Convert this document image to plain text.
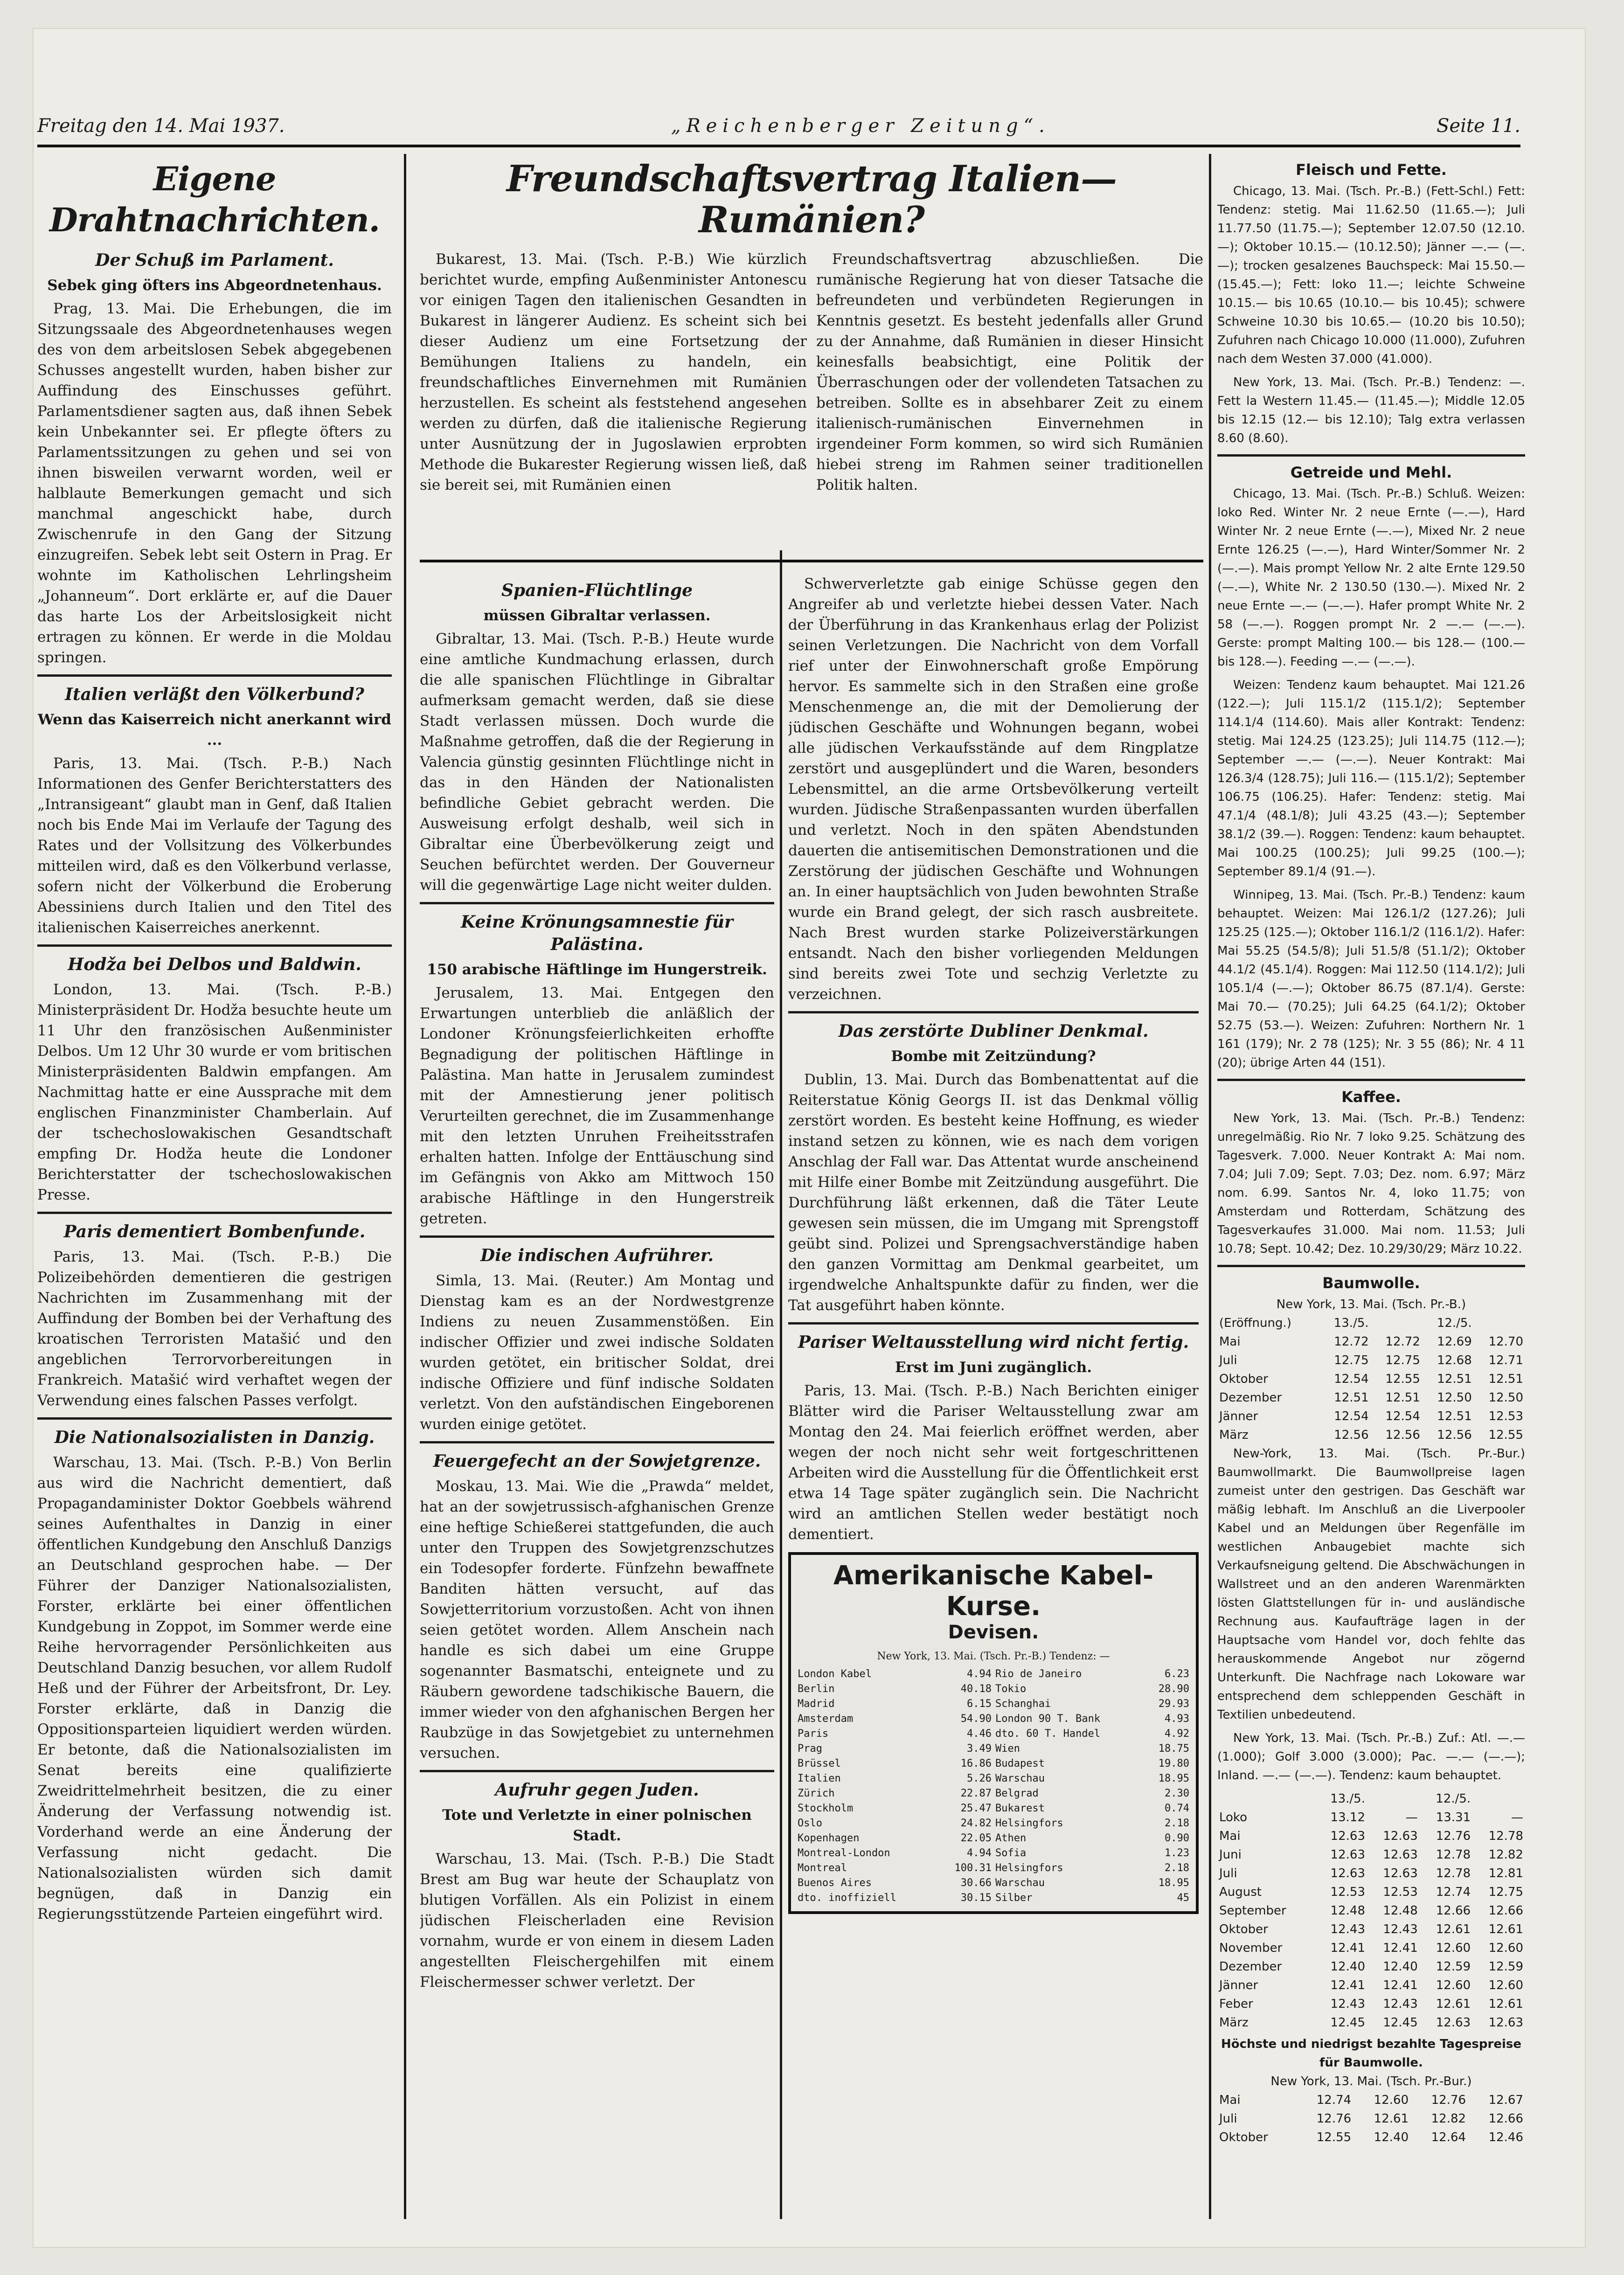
Freitag den 14. Mai 1937.	„Reichenberger Zeitung“.	Seite 11.
Eigene Drahtnachrichten.
Der Schuß im Parlament.
Sebek ging öfters ins Abgeordnetenhaus.

Prag, 13. Mai. Die Erhebungen, die im Sitzungssaale des Abgeordnetenhauses wegen des von dem arbeitslosen Sebek abgegebenen Schusses angestellt wurden, haben bisher zur Auffindung des Einschusses geführt. Parlamentsdiener sagten aus, daß ihnen Sebek kein Unbekannter sei. Er pflegte öfters zu Parlamentssitzungen zu gehen und sei von ihnen bisweilen verwarnt worden, weil er halblaute Bemerkungen gemacht und sich manchmal angeschickt habe, durch Zwischenrufe in den Gang der Sitzung einzugreifen. Sebek lebt seit Ostern in Prag. Er wohnte im Katholischen Lehrlingsheim „Johanneum“. Dort erklärte er, auf die Dauer das harte Los der Arbeitslosigkeit nicht ertragen zu können. Er werde in die Moldau springen.

Italien verläßt den Völkerbund?
Wenn das Kaiserreich nicht anerkannt wird ...

Paris, 13. Mai. (Tsch. P.-B.) Nach Informationen des Genfer Berichterstatters des „Intransigeant“ glaubt man in Genf, daß Italien noch bis Ende Mai im Verlaufe der Tagung des Rates und der Vollsitzung des Völkerbundes mitteilen wird, daß es den Völkerbund verlasse, sofern nicht der Völkerbund die Eroberung Abessiniens durch Italien und den Titel des italienischen Kaiserreiches anerkennt.

Hodža bei Delbos und Baldwin.

London, 13. Mai. (Tsch. P.-B.) Ministerpräsident Dr. Hodža besuchte heute um 11 Uhr den französischen Außenminister Delbos. Um 12 Uhr 30 wurde er vom britischen Ministerpräsidenten Baldwin empfangen. Am Nachmittag hatte er eine Aussprache mit dem englischen Finanzminister Chamberlain. Auf der tschechoslowakischen Gesandtschaft empfing Dr. Hodža heute die Londoner Berichterstatter der tschechoslowakischen Presse.

Paris dementiert Bombenfunde.

Paris, 13. Mai. (Tsch. P.-B.) Die Polizeibehörden dementieren die gestrigen Nachrichten im Zusammenhang mit der Auffindung der Bomben bei der Verhaftung des kroatischen Terroristen Matašić und den angeblichen Terrorvorbereitungen in Frankreich. Matašić wird verhaftet wegen der Verwendung eines falschen Passes verfolgt.

Die Nationalsozialisten in Danzig.

Warschau, 13. Mai. (Tsch. P.-B.) Von Berlin aus wird die Nachricht dementiert, daß Propagandaminister Doktor Goebbels während seines Aufenthaltes in Danzig in einer öffentlichen Kundgebung den Anschluß Danzigs an Deutschland gesprochen habe. — Der Führer der Danziger Nationalsozialisten, Forster, erklärte bei einer öffentlichen Kundgebung in Zoppot, im Sommer werde eine Reihe hervorragender Persönlichkeiten aus Deutschland Danzig besuchen, vor allem Rudolf Heß und der Führer der Arbeitsfront, Dr. Ley. Forster erklärte, daß in Danzig die Oppositionsparteien liquidiert werden würden. Er betonte, daß die Nationalsozialisten im Senat bereits eine qualifizierte Zweidrittelmehrheit besitzen, die zu einer Änderung der Verfassung notwendig ist. Vorderhand werde an eine Änderung der Verfassung nicht gedacht. Die Nationalsozialisten würden sich damit begnügen, daß in Danzig ein Regierungsstützende Parteien eingeführt wird.

Freundschaftsvertrag Italien—Rumänien?

Bukarest, 13. Mai. (Tsch. P.-B.) Wie kürzlich berichtet wurde, empfing Außenminister Antonescu vor einigen Tagen den italienischen Gesandten in Bukarest in längerer Audienz. Es scheint sich bei dieser Audienz um eine Fortsetzung der Bemühungen Italiens zu handeln, ein freundschaftliches Einvernehmen mit Rumänien herzustellen. Es scheint als feststehend angesehen werden zu dürfen, daß die italienische Regierung unter Ausnützung der in Jugoslawien erprobten Methode die Bukarester Regierung wissen ließ, daß sie bereit sei, mit Rumänien einen

Freundschaftsvertrag abzuschließen. Die rumänische Regierung hat von dieser Tatsache die befreundeten und verbündeten Regierungen in Kenntnis gesetzt. Es besteht jedenfalls aller Grund zu der Annahme, daß Rumänien in dieser Hinsicht keinesfalls beabsichtigt, eine Politik der Überraschungen oder der vollendeten Tatsachen zu betreiben. Sollte es in absehbarer Zeit zu einem italienisch-rumänischen Einvernehmen in irgendeiner Form kommen, so wird sich Rumänien hiebei streng im Rahmen seiner traditionellen Politik halten.

Spanien-Flüchtlinge
müssen Gibraltar verlassen.

Gibraltar, 13. Mai. (Tsch. P.-B.) Heute wurde eine amtliche Kundmachung erlassen, durch die alle spanischen Flüchtlinge in Gibraltar aufmerksam gemacht werden, daß sie diese Stadt verlassen müssen. Doch wurde die Maßnahme getroffen, daß die der Regierung in Valencia günstig gesinnten Flüchtlinge nicht in das in den Händen der Nationalisten befindliche Gebiet gebracht werden. Die Ausweisung erfolgt deshalb, weil sich in Gibraltar eine Überbevölkerung zeigt und Seuchen befürchtet werden. Der Gouverneur will die gegenwärtige Lage nicht weiter dulden.

Keine Krönungsamnestie für Palästina.
150 arabische Häftlinge im Hungerstreik.

Jerusalem, 13. Mai. Entgegen den Erwartungen unterblieb die anläßlich der Londoner Krönungsfeierlichkeiten erhoffte Begnadigung der politischen Häftlinge in Palästina. Man hatte in Jerusalem zumindest mit der Amnestierung jener politisch Verurteilten gerechnet, die im Zusammenhange mit den letzten Unruhen Freiheitsstrafen erhalten hatten. Infolge der Enttäuschung sind im Gefängnis von Akko am Mittwoch 150 arabische Häftlinge in den Hungerstreik getreten.

Die indischen Aufrührer.

Simla, 13. Mai. (Reuter.) Am Montag und Dienstag kam es an der Nordwestgrenze Indiens zu neuen Zusammenstößen. Ein indischer Offizier und zwei indische Soldaten wurden getötet, ein britischer Soldat, drei indische Offiziere und fünf indische Soldaten verletzt. Von den aufständischen Eingeborenen wurden einige getötet.

Feuergefecht an der Sowjetgrenze.

Moskau, 13. Mai. Wie die „Prawda“ meldet, hat an der sowjetrussisch-afghanischen Grenze eine heftige Schießerei stattgefunden, die auch unter den Truppen des Sowjetgrenzschutzes ein Todesopfer forderte. Fünfzehn bewaffnete Banditen hätten versucht, auf das Sowjetterritorium vorzustoßen. Acht von ihnen seien getötet worden. Allem Anschein nach handle es sich dabei um eine Gruppe sogenannter Basmatschi, enteignete und zu Räubern gewordene tadschikische Bauern, die immer wieder von den afghanischen Bergen her Raubzüge in das Sowjetgebiet zu unternehmen versuchen.

Aufruhr gegen Juden.
Tote und Verletzte in einer polnischen Stadt.

Warschau, 13. Mai. (Tsch. P.-B.) Die Stadt Brest am Bug war heute der Schauplatz von blutigen Vorfällen. Als ein Polizist in einem jüdischen Fleischerladen eine Revision vornahm, wurde er von einem in diesem Laden angestellten Fleischergehilfen mit einem Fleischermesser schwer verletzt. Der

Schwerverletzte gab einige Schüsse gegen den Angreifer ab und verletzte hiebei dessen Vater. Nach der Überführung in das Krankenhaus erlag der Polizist seinen Verletzungen. Die Nachricht von dem Vorfall rief unter der Einwohnerschaft große Empörung hervor. Es sammelte sich in den Straßen eine große Menschenmenge an, die mit der Demolierung der jüdischen Geschäfte und Wohnungen begann, wobei alle jüdischen Verkaufsstände auf dem Ringplatze zerstört und ausgeplündert und die Waren, besonders Lebensmittel, an die arme Ortsbevölkerung verteilt wurden. Jüdische Straßenpassanten wurden überfallen und verletzt. Noch in den späten Abendstunden dauerten die antisemitischen Demonstrationen und die Zerstörung der jüdischen Geschäfte und Wohnungen an. In einer hauptsächlich von Juden bewohnten Straße wurde ein Brand gelegt, der sich rasch ausbreitete. Nach Brest wurden starke Polizeiverstärkungen entsandt. Nach den bisher vorliegenden Meldungen sind bereits zwei Tote und sechzig Verletzte zu verzeichnen.

Das zerstörte Dubliner Denkmal.
Bombe mit Zeitzündung?

Dublin, 13. Mai. Durch das Bombenattentat auf die Reiterstatue König Georgs II. ist das Denkmal völlig zerstört worden. Es besteht keine Hoffnung, es wieder instand setzen zu können, wie es nach dem vorigen Anschlag der Fall war. Das Attentat wurde anscheinend mit Hilfe einer Bombe mit Zeitzündung ausgeführt. Die Durchführung läßt erkennen, daß die Täter Leute gewesen sein müssen, die im Umgang mit Sprengstoff geübt sind. Polizei und Sprengsachverständige haben den ganzen Vormittag am Denkmal gearbeitet, um irgendwelche Anhaltspunkte dafür zu finden, wer die Tat ausgeführt haben könnte.

Pariser Weltausstellung wird nicht fertig.
Erst im Juni zugänglich.

Paris, 13. Mai. (Tsch. P.-B.) Nach Berichten einiger Blätter wird die Pariser Weltausstellung zwar am Montag den 24. Mai feierlich eröffnet werden, aber wegen der noch nicht sehr weit fortgeschrittenen Arbeiten wird die Ausstellung für die Öffentlichkeit erst etwa 14 Tage später zugänglich sein. Die Nachricht wird an amtlichen Stellen weder bestätigt noch dementiert.

Amerikanische Kabel-Kurse.
Devisen.
New York, 13. Mai. (Tsch. Pr.-B.) Tendenz: —
London Kabel	4.94	Rio de Janeiro	6.23
Berlin	40.18	Tokio	28.90
Madrid	6.15	Schanghai	29.93
Amsterdam	54.90	London 90 T. Bank	4.93
Paris	4.46	dto. 60 T. Handel	4.92
Prag	3.49	Wien	18.75
Brüssel	16.86	Budapest	19.80
Italien	5.26	Warschau	18.95
Zürich	22.87	Belgrad	2.30
Stockholm	25.47	Bukarest	0.74
Oslo	24.82	Helsingfors	2.18
Kopenhagen	22.05	Athen	0.90
Montreal-London	4.94	Sofia	1.23
Montreal	100.31	Helsingfors	2.18
Buenos Aires	30.66	Warschau	18.95
dto. inoffiziell	30.15	Silber	45
Fleisch und Fette.

Chicago, 13. Mai. (Tsch. Pr.-B.) (Fett-Schl.) Fett: Tendenz: stetig. Mai 11.62.50 (11.65.—); Juli 11.77.50 (11.75.—); September 12.07.50 (12.10.—); Oktober 10.15.— (10.12.50); Jänner —.— (—.—); trocken gesalzenes Bauchspeck: Mai 15.50.— (15.45.—); Fett: loko 11.—; leichte Schweine 10.15.— bis 10.65 (10.10.— bis 10.45); schwere Schweine 10.30 bis 10.65.— (10.20 bis 10.50); Zufuhren nach Chicago 10.000 (11.000), Zufuhren nach dem Westen 37.000 (41.000).

New York, 13. Mai. (Tsch. Pr.-B.) Tendenz: —. Fett la Western 11.45.— (11.45.—); Middle 12.05 bis 12.15 (12.— bis 12.10); Talg extra verlassen 8.60 (8.60).

Getreide und Mehl.

Chicago, 13. Mai. (Tsch. Pr.-B.) Schluß. Weizen: loko Red. Winter Nr. 2 neue Ernte (—.—), Hard Winter Nr. 2 neue Ernte (—.—), Mixed Nr. 2 neue Ernte 126.25 (—.—), Hard Winter/Sommer Nr. 2 (—.—). Mais prompt Yellow Nr. 2 alte Ernte 129.50 (—.—), White Nr. 2 130.50 (130.—). Mixed Nr. 2 neue Ernte —.— (—.—). Hafer prompt White Nr. 2 58 (—.—). Roggen prompt Nr. 2 —.— (—.—). Gerste: prompt Malting 100.— bis 128.— (100.— bis 128.—). Feeding —.— (—.—).

Weizen: Tendenz kaum behauptet. Mai 121.26 (122.—); Juli 115.1/2 (115.1/2); September 114.1/4 (114.60). Mais aller Kontrakt: Tendenz: stetig. Mai 124.25 (123.25); Juli 114.75 (112.—); September —.— (—.—). Neuer Kontrakt: Mai 126.3/4 (128.75); Juli 116.— (115.1/2); September 106.75 (106.25). Hafer: Tendenz: stetig. Mai 47.1/4 (48.1/8); Juli 43.25 (43.—); September 38.1/2 (39.—). Roggen: Tendenz: kaum behauptet. Mai 100.25 (100.25); Juli 99.25 (100.—); September 89.1/4 (91.—).

Winnipeg, 13. Mai. (Tsch. Pr.-B.) Tendenz: kaum behauptet. Weizen: Mai 126.1/2 (127.26); Juli 125.25 (125.—); Oktober 116.1/2 (116.1/2). Hafer: Mai 55.25 (54.5/8); Juli 51.5/8 (51.1/2); Oktober 44.1/2 (45.1/4). Roggen: Mai 112.50 (114.1/2); Juli 105.1/4 (—.—); Oktober 86.75 (87.1/4). Gerste: Mai 70.— (70.25); Juli 64.25 (64.1/2); Oktober 52.75 (53.—). Weizen: Zufuhren: Northern Nr. 1 161 (179); Nr. 2 78 (125); Nr. 3 55 (86); Nr. 4 11 (20); übrige Arten 44 (151).

Kaffee.

New York, 13. Mai. (Tsch. Pr.-B.) Tendenz: unregelmäßig. Rio Nr. 7 loko 9.25. Schätzung des Tagesverk. 7.000. Neuer Kontrakt A: Mai nom. 7.04; Juli 7.09; Sept. 7.03; Dez. nom. 6.97; März nom. 6.99. Santos Nr. 4, loko 11.75; von Amsterdam und Rotterdam, Schätzung des Tagesverkaufes 31.000. Mai nom. 11.53; Juli 10.78; Sept. 10.42; Dez. 10.29/30/29; März 10.22.

Baumwolle.
New York, 13. Mai. (Tsch. Pr.-B.)
(Eröffnung.)	13./5.		12./5.	
Mai	12.72	12.72	12.69	12.70
Juli	12.75	12.75	12.68	12.71
Oktober	12.54	12.55	12.51	12.51
Dezember	12.51	12.51	12.50	12.50
Jänner	12.54	12.54	12.51	12.53
März	12.56	12.56	12.56	12.55

New-York, 13. Mai. (Tsch. Pr.-Bur.) Baumwollmarkt. Die Baumwollpreise lagen zumeist unter den gestrigen. Das Geschäft war mäßig lebhaft. Im Anschluß an die Liverpooler Kabel und an Meldungen über Regenfälle im westlichen Anbaugebiet machte sich Verkaufsneigung geltend. Die Abschwächungen in Wallstreet und an den anderen Warenmärkten lösten Glattstellungen für in- und ausländische Rechnung aus. Kaufaufträge lagen in der Hauptsache vom Handel vor, doch fehlte das herauskommende Angebot nur zögernd Unterkunft. Die Nachfrage nach Lokoware war entsprechend dem schleppenden Geschäft in Textilien unbedeutend.

New York, 13. Mai. (Tsch. Pr.-B.) Zuf.: Atl. —.— (1.000); Golf 3.000 (3.000); Pac. —.— (—.—); Inland. —.— (—.—). Tendenz: kaum behauptet.

	13./5.		12./5.	
Loko	13.12	—	13.31	—
Mai	12.63	12.63	12.76	12.78
Juni	12.63	12.63	12.78	12.82
Juli	12.63	12.63	12.78	12.81
August	12.53	12.53	12.74	12.75
September	12.48	12.48	12.66	12.66
Oktober	12.43	12.43	12.61	12.61
November	12.41	12.41	12.60	12.60
Dezember	12.40	12.40	12.59	12.59
Jänner	12.41	12.41	12.60	12.60
Feber	12.43	12.43	12.61	12.61
März	12.45	12.45	12.63	12.63
Höchste und niedrigst bezahlte Tagespreise für Baumwolle.
New York, 13. Mai. (Tsch. Pr.-Bur.)
Mai	12.74	12.60	12.76	12.67
Juli	12.76	12.61	12.82	12.66
Oktober	12.55	12.40	12.64	12.46
